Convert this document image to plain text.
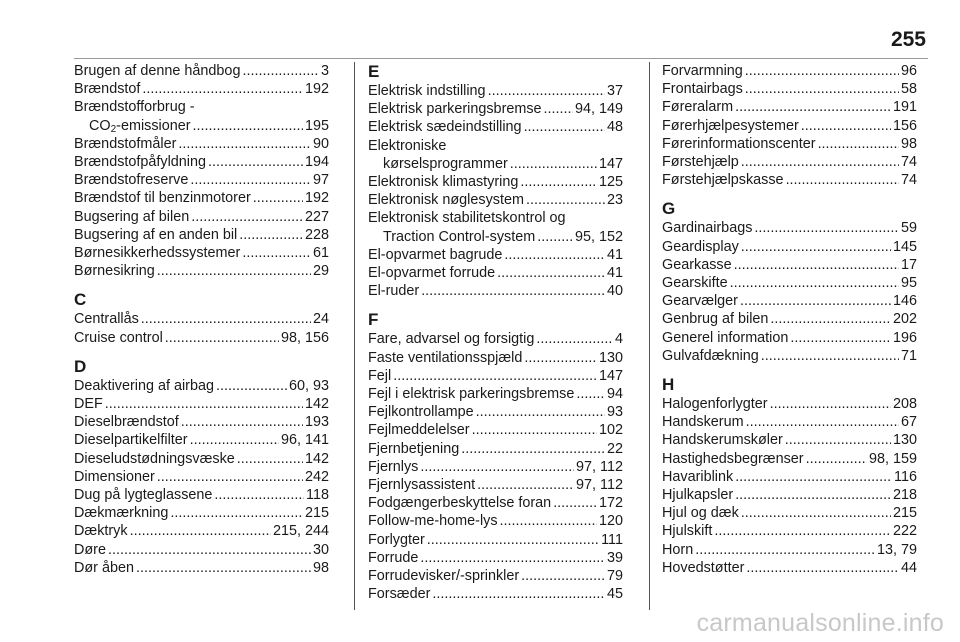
255
Brugen af denne håndbog .....	3
Brændstof .....	192
Brændstofforbrug -
$CO_2$-emissioner .....	195
Brændstofmåler .....	90
Brændstofpåfyldning .....	194
Brændstofreserve .....	97
Brændstof til benzinmotorer .....	192
Bugsering af bilen .....	227
Bugsering af en anden bil .....	228
Børnesikkerhedssystemer .....	61
Børnesikring .....	29
C
Centrallås .....	24
Cruise control .....	98, 156
D
Deaktivering af airbag .....	60, 93
DEF .....	142
Dieselbrændstof .....	193
Dieselpartikelfilter .....	96, 141
Dieseludstødningsvæske .....	142
Dimensioner .....	242
Dug på lygteglassene .....	118
Dækmærkning .....	215
Dæktryk .....	215, 244
Døre .....	30
Dør åben .....	98
E
Elektrisk indstilling .....	37
Elektrisk parkeringsbremse ..... 94, 149
Elektrisk sædeindstilling .....	48
Elektroniske
kørselsprogrammer .....	147
Elektronisk klimastyring .....	125
Elektronisk nøglesystem .....	23
Elektronisk stabilitetskontrol og
Traction Control-system .....	95, 152
El-opvarmet bagrude .....	41
El-opvarmet forrude .....	41
El-ruder .....	40
F
Fare, advarsel og forsigtig .....	4
Faste ventilationsspjæld .....	130
Fejl .....	147
Fejl i elektrisk parkeringsbremse ..... 94
Fejlkontrollampe .....	93
Fejlmeddelelser .....	102
Fjernbetjening .....	22
Fjernlys .....	97, 112
Fjernlysassistent .....	97, 112
Fodgængerbeskyttelse foran .....	172
Follow-me-home-lys .....	120
Forlygter .....	111
Forrude .....	39
Forrudevisker/-sprinkler .....	79
Forsæder .....	45
Forvarmning .....	96
Frontairbags .....	58
Føreralarm .....	191
Førerhjælpesystemer .....	156
Førerinformationscenter .....	98
Førstehjælp .....	74
Førstehjælpskasse .....	74
G
Gardinairbags .....	59
Geardisplay .....	145
Gearkasse .....	17
Gearskifte .....	95
Gearvælger .....	146
Genbrug af bilen .....	202
Generel information .....	196
Gulvafdækning .....	71
H
Halogenforlygter .....	208
Handskerum .....	67
Handskerumskøler .....	130
Hastighedsbegrænser .....	98, 159
Havariblink .....	116
Hjulkapsler .....	218
Hjul og dæk .....	215
Hjulskift .....	222
Horn .....	13, 79
Hovedstøtter .....	44
carmanualsonline.info
